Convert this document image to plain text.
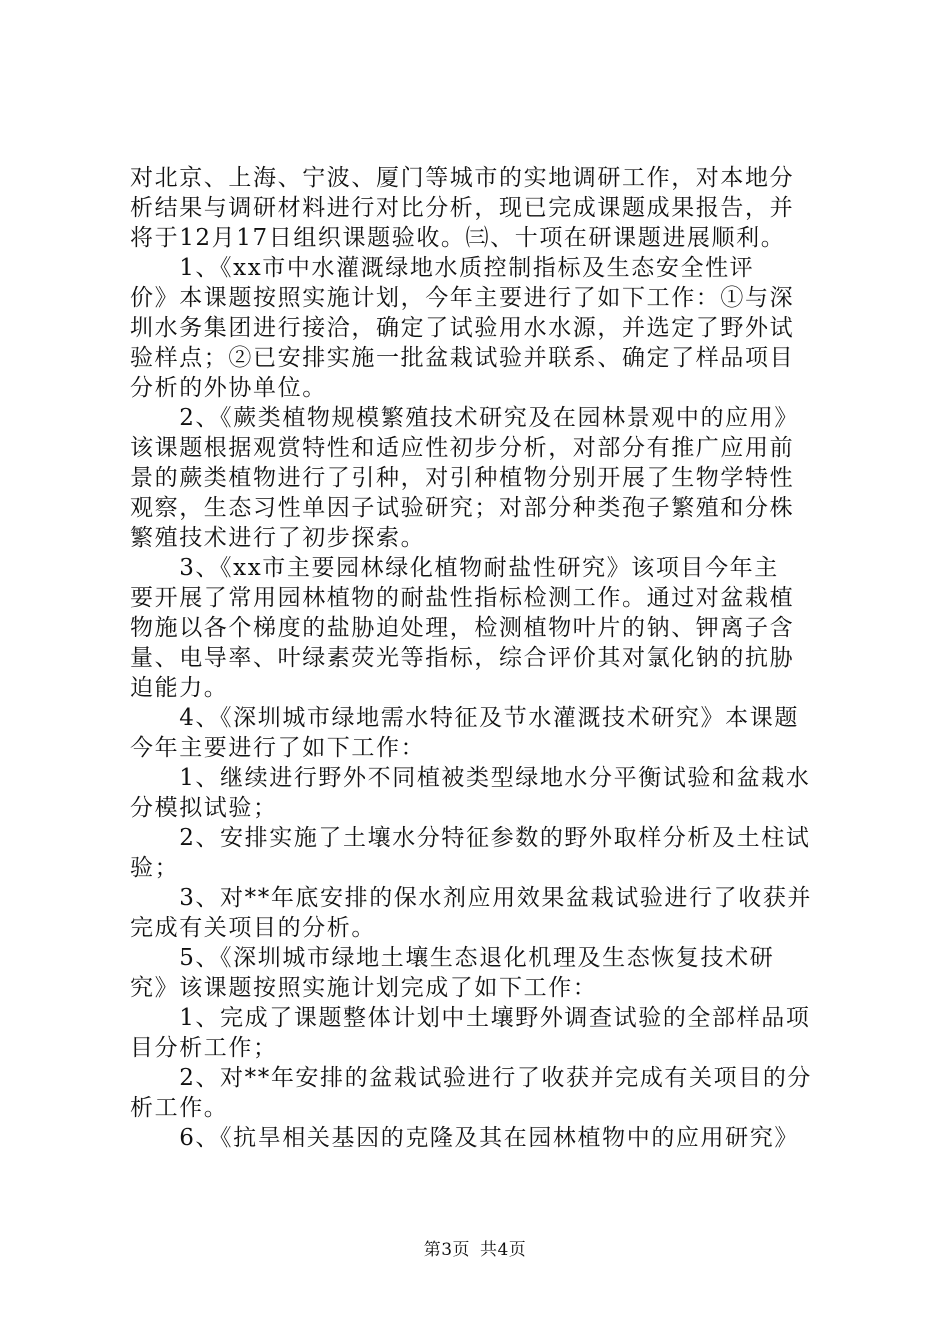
对北京、上海、宁波、厦门等城市的实地调研工作，对本地分
析结果与调研材料进行对比分析，现已完成课题成果报告，并
将于12月17日组织课题验收。㈢、十项在研课题进展顺利。
　　1、《xx市中水灌溉绿地水质控制指标及生态安全性评
价》本课题按照实施计划，今年主要进行了如下工作：①与深
圳水务集团进行接洽，确定了试验用水水源，并选定了野外试
验样点；②已安排实施一批盆栽试验并联系、确定了样品项目
分析的外协单位。
　　2、《蕨类植物规模繁殖技术研究及在园林景观中的应用》
该课题根据观赏特性和适应性初步分析，对部分有推广应用前
景的蕨类植物进行了引种，对引种植物分别开展了生物学特性
观察，生态习性单因子试验研究；对部分种类孢子繁殖和分株
繁殖技术进行了初步探索。
　　3、《xx市主要园林绿化植物耐盐性研究》该项目今年主
要开展了常用园林植物的耐盐性指标检测工作。通过对盆栽植
物施以各个梯度的盐胁迫处理，检测植物叶片的钠、钾离子含
量、电导率、叶绿素荧光等指标，综合评价其对氯化钠的抗胁
迫能力。
　　4、《深圳城市绿地需水特征及节水灌溉技术研究》本课题
今年主要进行了如下工作：
　　1、继续进行野外不同植被类型绿地水分平衡试验和盆栽水
分模拟试验；
　　2、安排实施了土壤水分特征参数的野外取样分析及土柱试
验；
　　3、对**年底安排的保水剂应用效果盆栽试验进行了收获并
完成有关项目的分析。
　　5、《深圳城市绿地土壤生态退化机理及生态恢复技术研
究》该课题按照实施计划完成了如下工作：
　　1、完成了课题整体计划中土壤野外调查试验的全部样品项
目分析工作；
　　2、对**年安排的盆栽试验进行了收获并完成有关项目的分
析工作。
　　6、《抗旱相关基因的克隆及其在园林植物中的应用研究》
第3页 共4页
